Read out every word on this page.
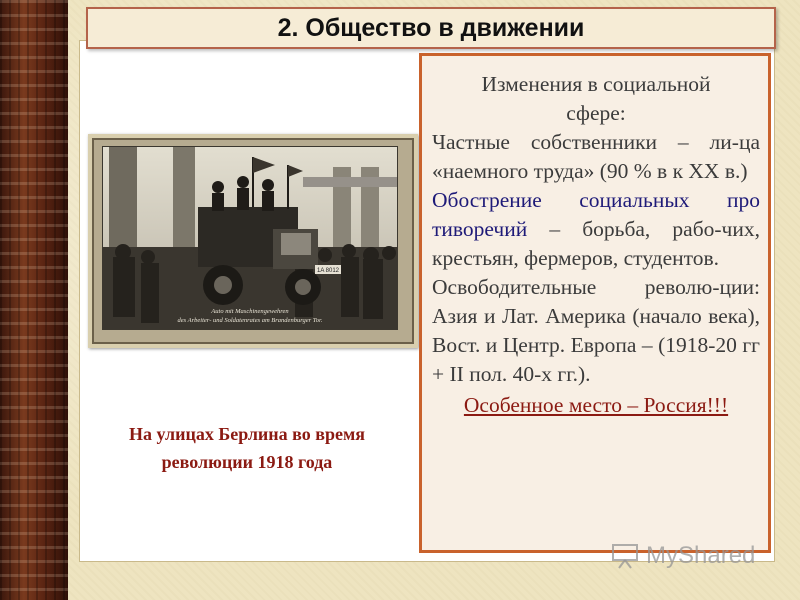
2. Общество в движении
Auto mit Maschinengewehren
des Arbeiter- und Soldatenrates am Brandenburger Tor.
1A 8012
На улицах Берлина во время
революции 1918 года
Изменения в социальной
сфере:
Частные собственники – ли-ца «наемного труда» (90 % в к ХХ в.)
Обострение социальных про тиворечий – борьба, рабо-чих, крестьян, фермеров, студентов.
Освободительные револю-ции: Азия и Лат. Америка (начало века), Вост. и Центр. Европа – (1918-20 гг + II пол. 40-х гг.).
Особенное место – Россия!!!
MyShared
